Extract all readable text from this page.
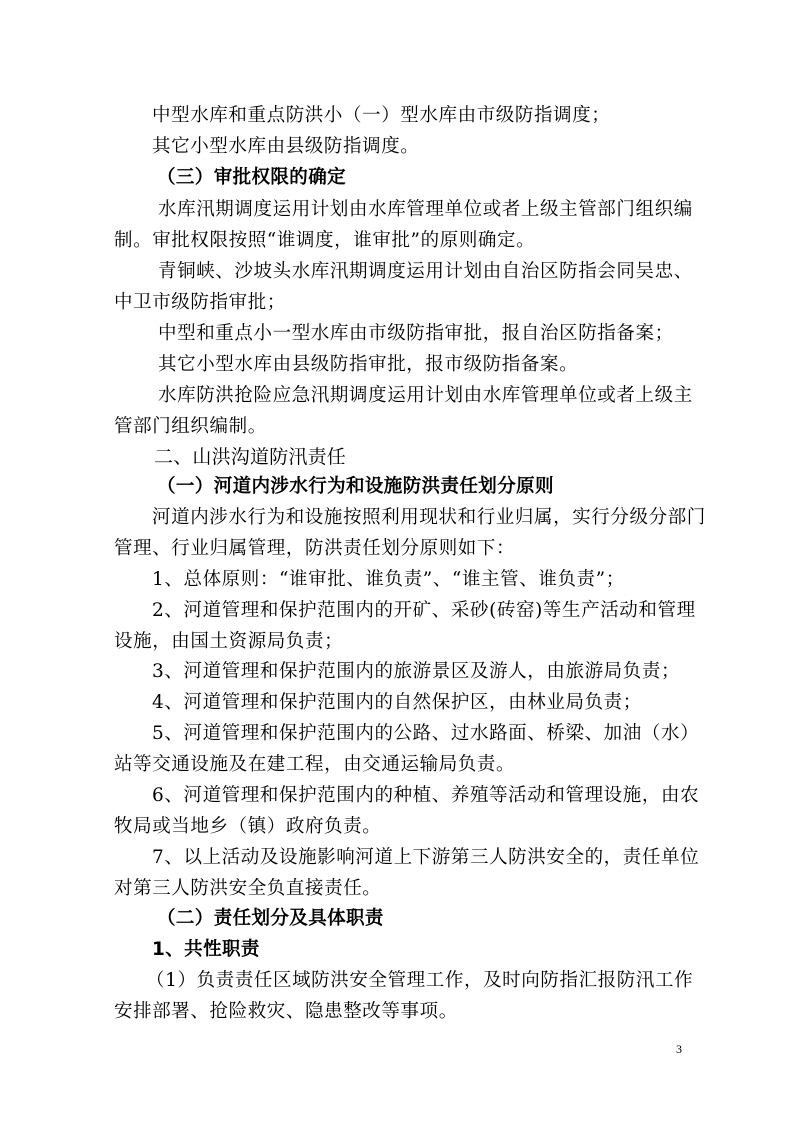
中型水库和重点防洪小（一）型水库由市级防指调度；
其它小型水库由县级防指调度。
（三）审批权限的确定
水库汛期调度运用计划由水库管理单位或者上级主管部门组织编
制。审批权限按照“谁调度，谁审批”的原则确定。
青铜峡、沙坡头水库汛期调度运用计划由自治区防指会同吴忠、
中卫市级防指审批；
中型和重点小一型水库由市级防指审批，报自治区防指备案；
其它小型水库由县级防指审批，报市级防指备案。
水库防洪抢险应急汛期调度运用计划由水库管理单位或者上级主
管部门组织编制。
二、山洪沟道防汛责任
（一）河道内涉水行为和设施防洪责任划分原则
河道内涉水行为和设施按照利用现状和行业归属，实行分级分部门
管理、行业归属管理，防洪责任划分原则如下：
1、总体原则：“谁审批、谁负责”、“谁主管、谁负责”；
2、河道管理和保护范围内的开矿、采砂(砖窑)等生产活动和管理
设施，由国土资源局负责；
3、河道管理和保护范围内的旅游景区及游人，由旅游局负责；
4、河道管理和保护范围内的自然保护区，由林业局负责；
5、河道管理和保护范围内的公路、过水路面、桥梁、加油（水）
站等交通设施及在建工程，由交通运输局负责。
6、河道管理和保护范围内的种植、养殖等活动和管理设施，由农
牧局或当地乡（镇）政府负责。
7、以上活动及设施影响河道上下游第三人防洪安全的，责任单位
对第三人防洪安全负直接责任。
（二）责任划分及具体职责
1、共性职责
（1）负责责任区域防洪安全管理工作，及时向防指汇报防汛工作
安排部署、抢险救灾、隐患整改等事项。
3
